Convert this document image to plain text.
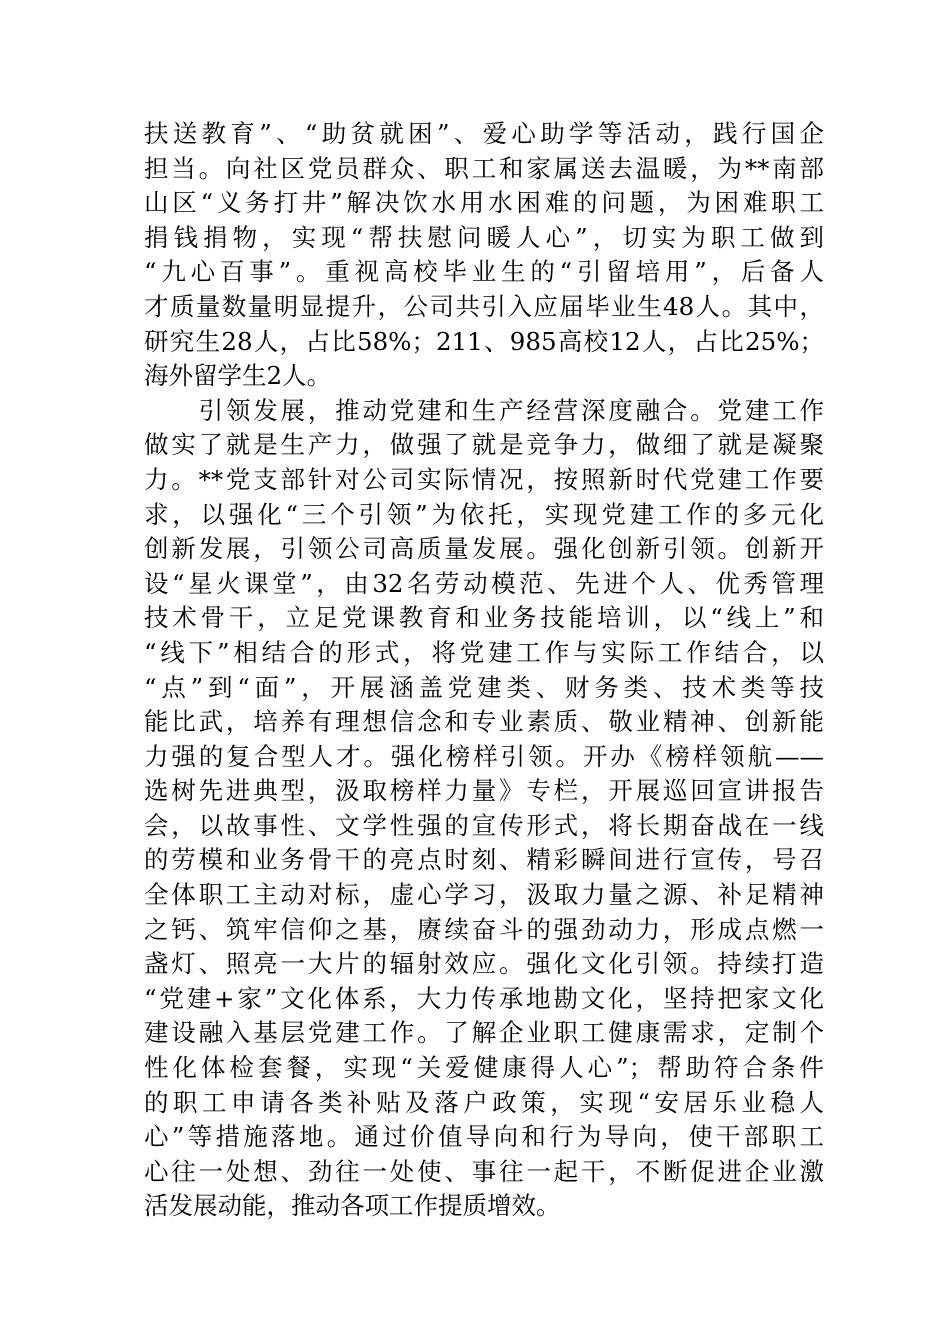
扶送教育”、“助贫就困”、爱心助学等活动，践行国企
担当。向社区党员群众、职工和家属送去温暖，为**南部
山区“义务打井”解决饮水用水困难的问题，为困难职工
捐钱捐物，实现“帮扶慰问暖人心”，切实为职工做到
“九心百事”。重视高校毕业生的“引留培用”，后备人
才质量数量明显提升，公司共引入应届毕业生48人。其中，
研究生28人，占比58%；211、985高校12人，占比25%；
海外留学生2人。
　　引领发展，推动党建和生产经营深度融合。党建工作
做实了就是生产力，做强了就是竞争力，做细了就是凝聚
力。**党支部针对公司实际情况，按照新时代党建工作要
求，以强化“三个引领”为依托，实现党建工作的多元化
创新发展，引领公司高质量发展。强化创新引领。创新开
设“星火课堂”，由32名劳动模范、先进个人、优秀管理
技术骨干，立足党课教育和业务技能培训，以“线上”和
“线下”相结合的形式，将党建工作与实际工作结合，以
“点”到“面”，开展涵盖党建类、财务类、技术类等技
能比武，培养有理想信念和专业素质、敬业精神、创新能
力强的复合型人才。强化榜样引领。开办《榜样领航——
选树先进典型，汲取榜样力量》专栏，开展巡回宣讲报告
会，以故事性、文学性强的宣传形式，将长期奋战在一线
的劳模和业务骨干的亮点时刻、精彩瞬间进行宣传，号召
全体职工主动对标，虚心学习，汲取力量之源、补足精神
之钙、筑牢信仰之基，赓续奋斗的强劲动力，形成点燃一
盏灯、照亮一大片的辐射效应。强化文化引领。持续打造
“党建+家”文化体系，大力传承地勘文化，坚持把家文化
建设融入基层党建工作。了解企业职工健康需求，定制个
性化体检套餐，实现“关爱健康得人心”；帮助符合条件
的职工申请各类补贴及落户政策，实现“安居乐业稳人
心”等措施落地。通过价值导向和行为导向，使干部职工
心往一处想、劲往一处使、事往一起干，不断促进企业激
活发展动能，推动各项工作提质增效。
